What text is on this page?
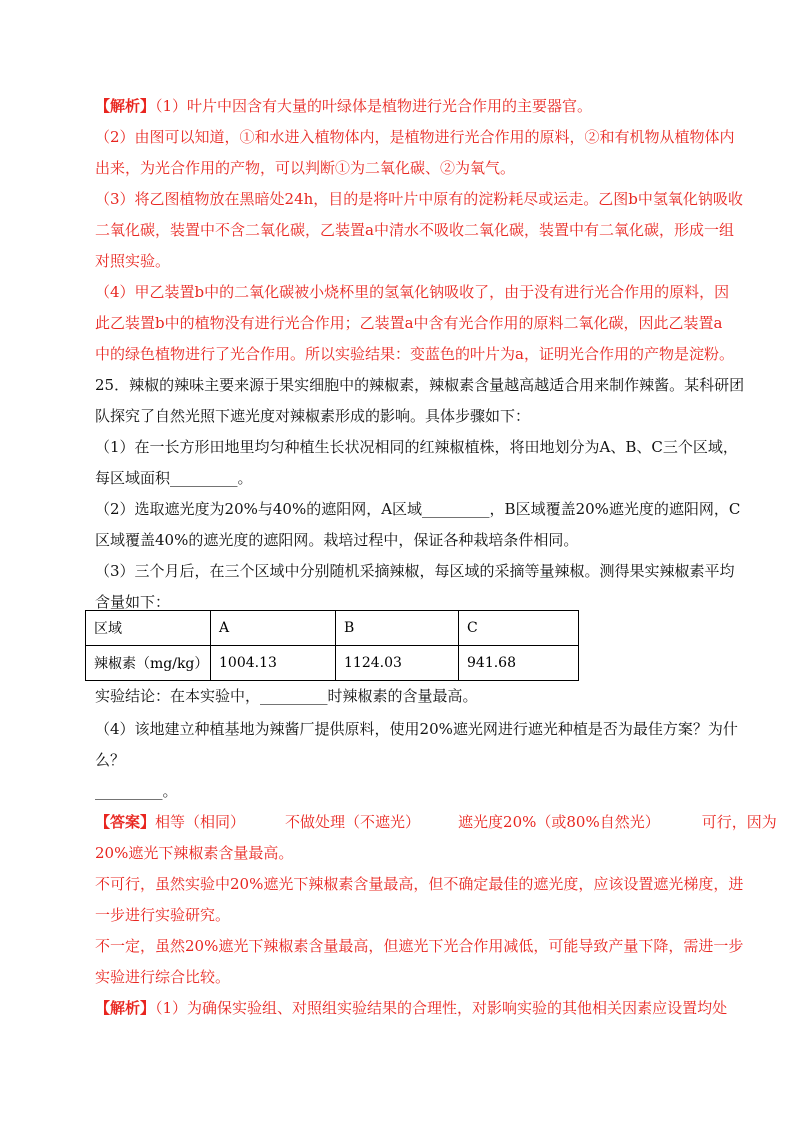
【解析】（1）叶片中因含有大量的叶绿体是植物进行光合作用的主要器官。
（2）由图可以知道，①和水进入植物体内，是植物进行光合作用的原料，②和有机物从植物体内
出来，为光合作用的产物，可以判断①为二氧化碳、②为氧气。
（3）将乙图植物放在黑暗处24h，目的是将叶片中原有的淀粉耗尽或运走。乙图b中氢氧化钠吸收
二氧化碳，装置中不含二氧化碳，乙装置a中清水不吸收二氧化碳，装置中有二氧化碳，形成一组
对照实验。
（4）甲乙装置b中的二氧化碳被小烧杯里的氢氧化钠吸收了，由于没有进行光合作用的原料，因
此乙装置b中的植物没有进行光合作用；乙装置a中含有光合作用的原料二氧化碳，因此乙装置a
中的绿色植物进行了光合作用。所以实验结果：变蓝色的叶片为a，证明光合作用的产物是淀粉。
25．辣椒的辣味主要来源于果实细胞中的辣椒素，辣椒素含量越高越适合用来制作辣酱。某科研团
队探究了自然光照下遮光度对辣椒素形成的影响。具体步骤如下：
（1）在一长方形田地里均匀种植生长状况相同的红辣椒植株，将田地划分为A、B、C三个区域，
每区域面积_________。
（2）选取遮光度为20%与40%的遮阳网，A区域_________，B区域覆盖20%遮光度的遮阳网，C
区域覆盖40%的遮光度的遮阳网。栽培过程中，保证各种栽培条件相同。
（3）三个月后，在三个区域中分别随机采摘辣椒，每区域的采摘等量辣椒。测得果实辣椒素平均
含量如下：
区域	A	B	C
辣椒素（mg/kg）	1004.13	1124.03	941.68
实验结论：在本实验中，_________时辣椒素的含量最高。
（4）该地建立种植基地为辣酱厂提供原料，使用20%遮光网进行遮光种植是否为最佳方案？为什
么？
_________。
【答案】相等（相同）	不做处理（不遮光）	遮光度20%（或80%自然光）	可行，因为
20%遮光下辣椒素含量最高。
不可行，虽然实验中20%遮光下辣椒素含量最高，但不确定最佳的遮光度，应该设置遮光梯度，进
一步进行实验研究。
不一定，虽然20%遮光下辣椒素含量最高，但遮光下光合作用减低，可能导致产量下降，需进一步
实验进行综合比较。
【解析】（1）为确保实验组、对照组实验结果的合理性，对影响实验的其他相关因素应设置均处
